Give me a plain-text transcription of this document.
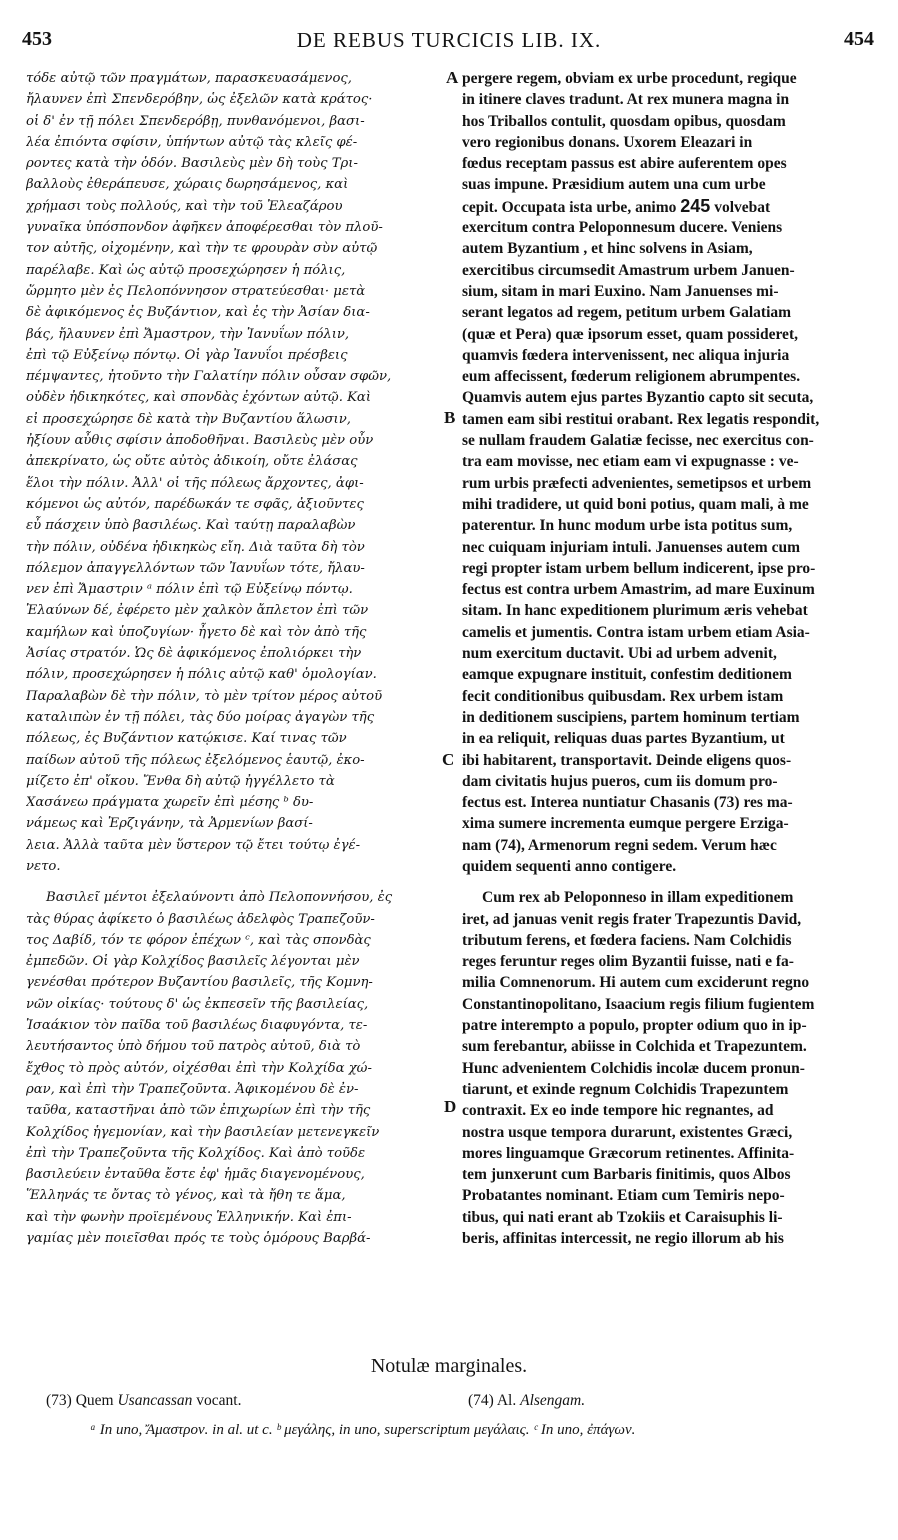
453	DE REBUS TURCICIS LIB. IX.	454
τόδε αὐτῷ τῶν πραγμάτων, παρασκευασάμενος,
ἤλαυνεν ἐπὶ Σπενδερόβην, ὡς ἐξελῶν κατὰ κράτος·
οἱ δ' ἐν τῇ πόλει Σπενδερόβῃ, πυνθανόμενοι, βασι-
λέα ἐπιόντα σφίσιν, ὑπήντων αὐτῷ τὰς κλεῖς φέ-
ροντες κατὰ τὴν ὁδόν. Βασιλεὺς μὲν δὴ τοὺς Τρι-
βαλλοὺς ἐθεράπευσε, χώραις δωρησάμενος, καὶ
χρήμασι τοὺς πολλούς, καὶ τὴν τοῦ Ἐλεαζάρου
γυναῖκα ὑπόσπονδον ἀφῆκεν ἀποφέρεσθαι τὸν πλοῦ-
τον αὐτῆς, οἰχομένην, καὶ τὴν τε φρουρὰν σὺν αὐτῷ
παρέλαβε. Καὶ ὡς αὐτῷ προσεχώρησεν ἡ πόλις,
ὥρμητο μὲν ἐς Πελοπόννησον στρατεύεσθαι· μετὰ
δὲ ἀφικόμενος ἐς Βυζάντιον, καὶ ἐς τὴν Ἀσίαν δια-
βάς, ἤλαυνεν ἐπὶ Ἄμαστρον, τὴν Ἰανυΐων πόλιν,
ἐπὶ τῷ Εὐξείνῳ πόντῳ. Οἱ γὰρ Ἰανυΐοι πρέσβεις
πέμψαντες, ἠτοῦντο τὴν Γαλατίην πόλιν οὖσαν σφῶν,
οὐδὲν ἠδικηκότες, καὶ σπονδὰς ἐχόντων αὐτῷ. Καὶ
εἰ προσεχώρησε δὲ κατὰ τὴν Βυζαντίου ἅλωσιν,
ἠξίουν αὖθις σφίσιν ἀποδοθῆναι. Βασιλεὺς μὲν οὖν
ἀπεκρίνατο, ὡς οὔτε αὐτὸς ἀδικοίη, οὔτε ἐλάσας
ἕλοι τὴν πόλιν. Ἀλλ' οἱ τῆς πόλεως ἄρχοντες, ἀφι-
κόμενοι ὡς αὐτόν, παρέδωκάν τε σφᾶς, ἀξιοῦντες
εὖ πάσχειν ὑπὸ βασιλέως. Καὶ ταύτῃ παραλαβὼν
τὴν πόλιν, οὐδένα ἠδικηκὼς εἴη. Διὰ ταῦτα δὴ τὸν
πόλεμον ἀπαγγελλόντων τῶν Ἰανυΐων τότε, ἤλαυ-
νεν ἐπὶ Ἄμαστριν ᵃ πόλιν ἐπὶ τῷ Εὐξείνῳ πόντῳ.
Ἐλαύνων δέ, ἐφέρετο μὲν χαλκὸν ἄπλετον ἐπὶ τῶν
καμήλων καὶ ὑποζυγίων· ἦγετο δὲ καὶ τὸν ἀπὸ τῆς
Ἀσίας στρατόν. Ὡς δὲ ἀφικόμενος ἐπολιόρκει τὴν
πόλιν, προσεχώρησεν ἡ πόλις αὐτῷ καθ' ὁμολογίαν.
Παραλαβὼν δὲ τὴν πόλιν, τὸ μὲν τρίτον μέρος αὐτοῦ
καταλιπὼν ἐν τῇ πόλει, τὰς δύο μοίρας ἀγαγὼν τῆς
πόλεως, ἐς Βυζάντιον κατῴκισε. Καί τινας τῶν
παίδων αὐτοῦ τῆς πόλεως ἐξελόμενος ἑαυτῷ, ἐκο-
μίζετο ἐπ' οἴκου. Ἔνθα δὴ αὐτῷ ἠγγέλλετο τὰ
Χασάνεω πράγματα χωρεῖν ἐπὶ μέσης ᵇ δυ-
νάμεως καὶ Ἐρζιγάνην, τὰ Ἀρμενίων βασί-
λεια. Ἀλλὰ ταῦτα μὲν ὕστερον τῷ ἔτει τούτῳ ἐγέ-
νετο.
Βασιλεῖ μέντοι ἐξελαύνοντι ἀπὸ Πελοποννήσου, ἐς
τὰς θύρας ἀφίκετο ὁ βασιλέως ἀδελφὸς Τραπεζοῦν-
τος Δαβίδ, τόν τε φόρον ἐπέχων ᶜ, καὶ τὰς σπονδὰς
ἐμπεδῶν. Οἱ γὰρ Κολχίδος βασιλεῖς λέγονται μὲν
γενέσθαι πρότερον Βυζαντίου βασιλεῖς, τῆς Κομνη-
νῶν οἰκίας· τούτους δ' ὡς ἐκπεσεῖν τῆς βασιλείας,
Ἰσαάκιον τὸν παῖδα τοῦ βασιλέως διαφυγόντα, τε-
λευτήσαντος ὑπὸ δήμου τοῦ πατρὸς αὐτοῦ, διὰ τὸ
ἔχθος τὸ πρὸς αὐτόν, οἰχέσθαι ἐπὶ τὴν Κολχίδα χώ-
ραν, καὶ ἐπὶ τὴν Τραπεζοῦντα. Ἀφικομένου δὲ ἐν-
ταῦθα, καταστῆναι ἀπὸ τῶν ἐπιχωρίων ἐπὶ τὴν τῆς
Κολχίδος ἡγεμονίαν, καὶ τὴν βασιλείαν μετενεγκεῖν
ἐπὶ τὴν Τραπεζοῦντα τῆς Κολχίδος. Καὶ ἀπὸ τοῦδε
βασιλεύειν ἐνταῦθα ἔστε ἐφ' ἡμᾶς διαγενομένους,
Ἕλληνάς τε ὄντας τὸ γένος, καὶ τὰ ἤθη τε ἅμα,
καὶ τὴν φωνὴν προϊεμένους Ἑλληνικήν. Καὶ ἐπι-
γαμίας μὲν ποιεῖσθαι πρός τε τοὺς ὁμόρους Βαρβά-
pergere regem, obviam ex urbe procedunt, regique
in itinere claves tradunt. At rex munera magna in
hos Triballos contulit, quosdam opibus, quosdam
vero regionibus donans. Uxorem Eleazari in
fœdus receptam passus est abire auferentem opes
suas impune. Præsidium autem una cum urbe
cepit. Occupata ista urbe, animo 245 volvebat
exercitum contra Peloponnesum ducere. Veniens
autem Byzantium , et hinc solvens in Asiam,
exercitibus circumsedit Amastrum urbem Januen-
sium, sitam in mari Euxino. Nam Januenses mi-
serant legatos ad regem, petitum urbem Galatiam
(quæ et Pera) quæ ipsorum esset, quam possideret,
quamvis fœdera intervenissent, nec aliqua injuria
eum affecissent, fœderum religionem abrumpentes.
Quamvis autem ejus partes Byzantio capto sit secuta,
tamen eam sibi restitui orabant. Rex legatis respondit,
se nullam fraudem Galatiæ fecisse, nec exercitus con-
tra eam movisse, nec etiam eam vi expugnasse : ve-
rum urbis præfecti advenientes, semetipsos et urbem
mihi tradidere, ut quid boni potius, quam mali, à me
paterentur. In hunc modum urbe ista potitus sum,
nec cuiquam injuriam intuli. Januenses autem cum
regi propter istam urbem bellum indicerent, ipse pro-
fectus est contra urbem Amastrim, ad mare Euxinum
sitam. In hanc expeditionem plurimum æris vehebat
camelis et jumentis. Contra istam urbem etiam Asia-
num exercitum ductavit. Ubi ad urbem advenit,
eamque expugnare instituit, confestim deditionem
fecit conditionibus quibusdam. Rex urbem istam
in deditionem suscipiens, partem hominum tertiam
in ea reliquit, reliquas duas partes Byzantium, ut
ibi habitarent, transportavit. Deinde eligens quos-
dam civitatis hujus pueros, cum iis domum pro-
fectus est. Interea nuntiatur Chasanis (73) res ma-
xima sumere incrementa eumque pergere Erziga-
nam (74), Armenorum regni sedem. Verum hæc
quidem sequenti anno contigere.
Cum rex ab Peloponneso in illam expeditionem
iret, ad januas venit regis frater Trapezuntis David,
tributum ferens, et fœdera faciens. Nam Colchidis
reges feruntur reges olim Byzantii fuisse, nati e fa-
milia Comnenorum. Hi autem cum exciderunt regno
Constantinopolitano, Isaacium regis filium fugientem
patre interempto a populo, propter odium quo in ip-
sum ferebantur, abiisse in Colchida et Trapezuntem.
Hunc advenientem Colchidis incolæ ducem pronun-
tiarunt, et exinde regnum Colchidis Trapezuntem
contraxit. Ex eo inde tempore hic regnantes, ad
nostra usque tempora durarunt, existentes Græci,
mores linguamque Græcorum retinentes. Affinita-
tem junxerunt cum Barbaris finitimis, quos Albos
Probatantes nominant. Etiam cum Temiris nepo-
tibus, qui nati erant ab Tzokiis et Caraisuphis li-
beris, affinitas intercessit, ne regio illorum ab his
A
B
C
D
Notulæ marginales.
(73) Quem Usancassan vocant.	(74) Al. Alsengam.
ᵃ In uno, Ἄμαστρον. in al. ut c. ᵇ μεγάλης, in uno, superscriptum μεγάλαις. ᶜ In uno, ἐπάγων.
